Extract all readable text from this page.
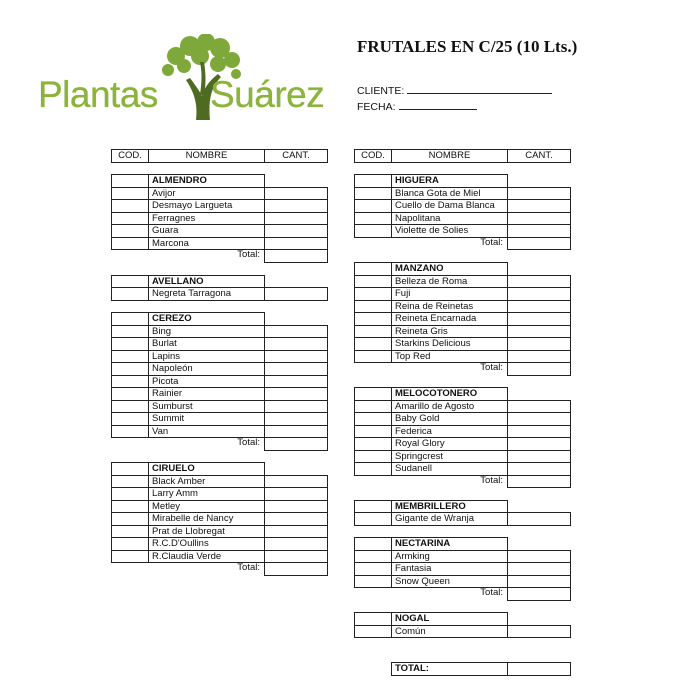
Plantas Suárez
FRUTALES EN C/25 (10 Lts.)
CLIENTE:
FECHA:
COD.	NOMBRE	CANT.	COD.	NOMBRE	CANT.
ALMENDRO
Avijor
Desmayo Largueta
Ferragnes
Guara
Marcona
Total:
AVELLANO
Negreta Tarragona
CEREZO
Bing
Burlat
Lapins
Napoleón
Picota
Rainier
Sumburst
Summit
Van
Total:
CIRUELO
Black Amber
Larry Amm
Metley
Mirabelle de Nancy
Prat de Llobregat
R.C.D'Oullins
R.Claudia Verde
Total:
HIGUERA
Blanca Gota de Miel
Cuello de Dama Blanca
Napolitana
Violette de Solies
Total:
MANZANO
Belleza de Roma
Fuji
Reina de Reinetas
Reineta Encarnada
Reineta Gris
Starkins Delicious
Top Red
Total:
MELOCOTONERO
Amarillo de Agosto
Baby Gold
Federica
Royal Glory
Springcrest
Sudanell
Total:
MEMBRILLERO
Gigante de Wranja
NECTARINA
Armking
Fantasia
Snow Queen
Total:
NOGAL
Común
TOTAL:
